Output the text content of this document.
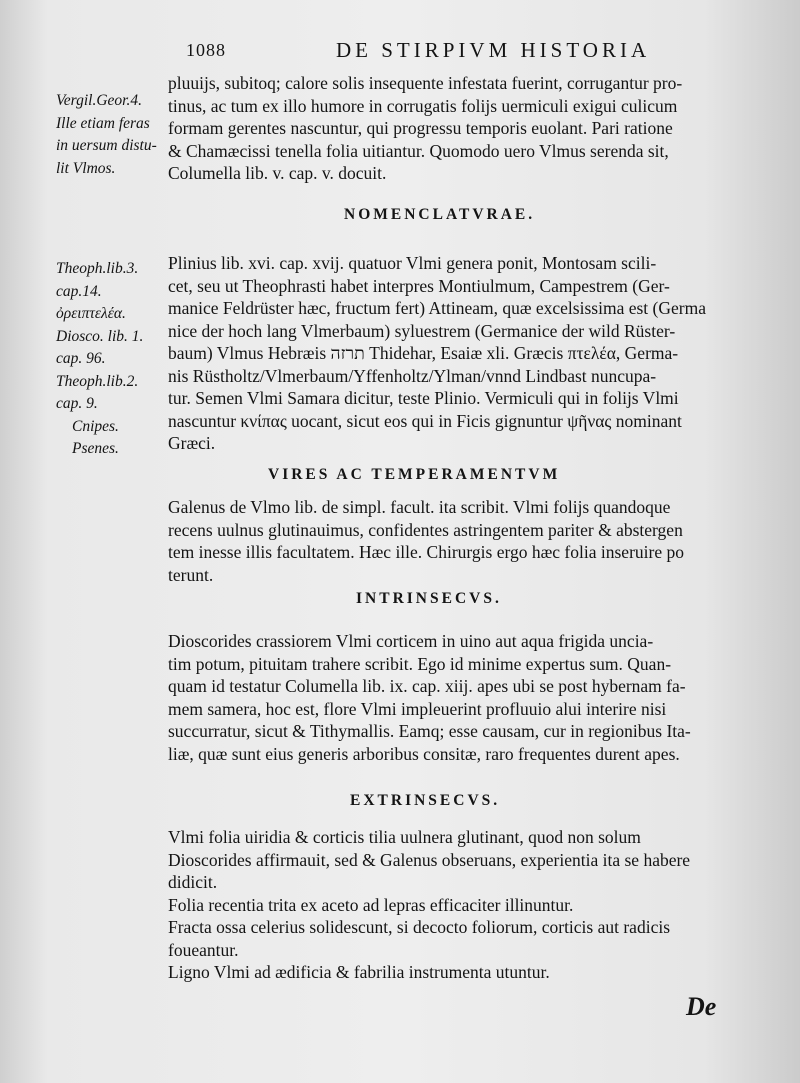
1088	DE STIRPIVM HISTORIA
Vergil.Geor.4.
Ille etiam feras
in uersum distu-
lit Vlmos.
Theoph.lib.3.
cap.14.
ὀρειπτελέα.
Diosco. lib. 1.
cap. 96.
Theoph.lib.2.
cap. 9.
Cnipes.
Psenes.
pluuijs, subitoq; calore solis insequente infestata fuerint, corrugantur pro-
tinus, ac tum ex illo humore in corrugatis folijs uermiculi exigui culicum
formam gerentes nascuntur, qui progressu temporis euolant. Pari ratione
& Chamæcissi tenella folia uitiantur. Quomodo uero Vlmus serenda sit,
Columella lib. v. cap. v. docuit.
NOMENCLATVRAE.
Plinius lib. xvi. cap. xvij. quatuor Vlmi genera ponit, Montosam scili-
cet, seu ut Theophrasti habet interpres Montiulmum, Campestrem (Ger-
manice Feldrüster hæc, fructum fert) Attineam, quæ excelsissima est (Germa
nice der hoch lang Vlmerbaum) syluestrem (Germanice der wild Rüster-
baum) Vlmus Hebræis תרזה Thidehar, Esaiæ xli. Græcis πτελέα, Germa-
nis Rüstholtz/Vlmerbaum/Yffenholtz/Ylman/vnnd Lindbast nuncupa-
tur. Semen Vlmi Samara dicitur, teste Plinio. Vermiculi qui in folijs Vlmi
nascuntur κνίπας uocant, sicut eos qui in Ficis gignuntur ψῆνας nominant
Græci.
VIRES AC TEMPERAMENTVM
Galenus de Vlmo lib. de simpl. facult. ita scribit. Vlmi folijs quandoque
recens uulnus glutinauimus, confidentes astringentem pariter & abstergen
tem inesse illis facultatem. Hæc ille. Chirurgis ergo hæc folia inseruire po
terunt.
INTRINSECVS.
Dioscorides crassiorem Vlmi corticem in uino aut aqua frigida uncia-
tim potum, pituitam trahere scribit. Ego id minime expertus sum. Quan-
quam id testatur Columella lib. ix. cap. xiij. apes ubi se post hybernam fa-
mem samera, hoc est, flore Vlmi impleuerint profluuio alui interire nisi
succurratur, sicut & Tithymallis. Eamq; esse causam, cur in regionibus Ita-
liæ, quæ sunt eius generis arboribus consitæ, raro frequentes durent apes.
EXTRINSECVS.
Vlmi folia uiridia & corticis tilia uulnera glutinant, quod non solum
Dioscorides affirmauit, sed & Galenus obseruans, experientia ita se habere
didicit.
Folia recentia trita ex aceto ad lepras efficaciter illinuntur.
Fracta ossa celerius solidescunt, si decocto foliorum, corticis aut radicis
foueantur.
Ligno Vlmi ad ædificia & fabrilia instrumenta utuntur.
De
